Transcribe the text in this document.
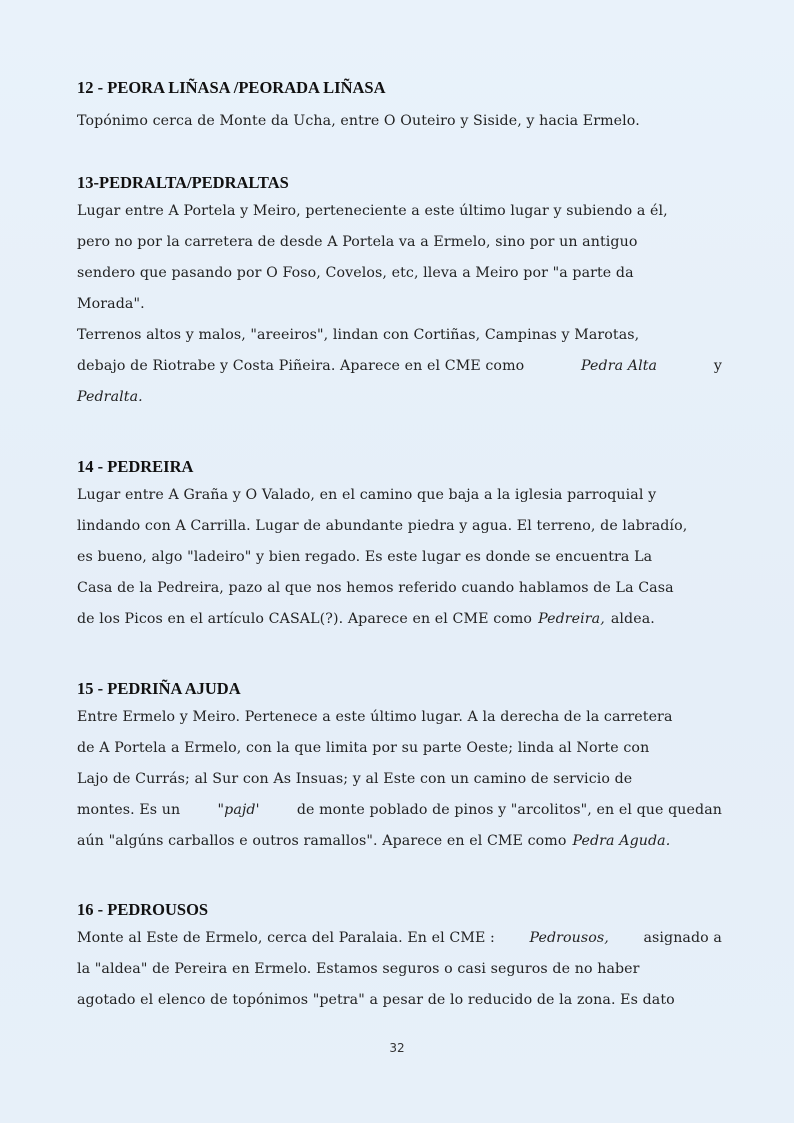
12 - PEORA LIÑASA /PEORADA LIÑASA
Topónimo cerca de Monte da Ucha, entre O Outeiro y Siside, y hacia Ermelo.
13-PEDRALTA/PEDRALTAS
Lugar entre A Portela y Meiro, perteneciente a este último lugar y subiendo a él,
pero no por la carretera de desde A Portela va a Ermelo, sino por un antiguo
sendero que pasando por O Foso, Covelos, etc, lleva a Meiro por "a parte da
Morada".
Terrenos altos y malos, "areeiros", lindan con Cortiñas, Campinas y Marotas,
debajo de Riotrabe y Costa Piñeira. Aparece en el CME como	Pedra Alta	y
Pedralta.
14 - PEDREIRA
Lugar entre A Graña y O Valado, en el camino que baja a la iglesia parroquial y
lindando con A Carrilla. Lugar de abundante piedra y agua. El terreno, de labradío,
es bueno, algo "ladeiro" y bien regado. Es este lugar es donde se encuentra La
Casa de la Pedreira, pazo al que nos hemos referido cuando hablamos de La Casa
de los Picos en el artículo CASAL(?). Aparece en el CME como Pedreira, aldea.
15 - PEDRIÑA AJUDA
Entre Ermelo y Meiro. Pertenece a este último lugar. A la derecha de la carretera
de A Portela a Ermelo, con la que limita por su parte Oeste; linda al Norte con
Lajo de Currás; al Sur con As Insuas; y al Este con un camino de servicio de
montes. Es un	"pajd'	de monte poblado de pinos y "arcolitos", en el que quedan
aún "algúns carballos e outros ramallos". Aparece en el CME como Pedra Aguda.
16 - PEDROUSOS
Monte al Este de Ermelo, cerca del Paralaia. En el CME : Pedrousos, asignado a
la "aldea" de Pereira en Ermelo. Estamos seguros o casi seguros de no haber
agotado el elenco de topónimos "petra" a pesar de lo reducido de la zona. Es dato
32
